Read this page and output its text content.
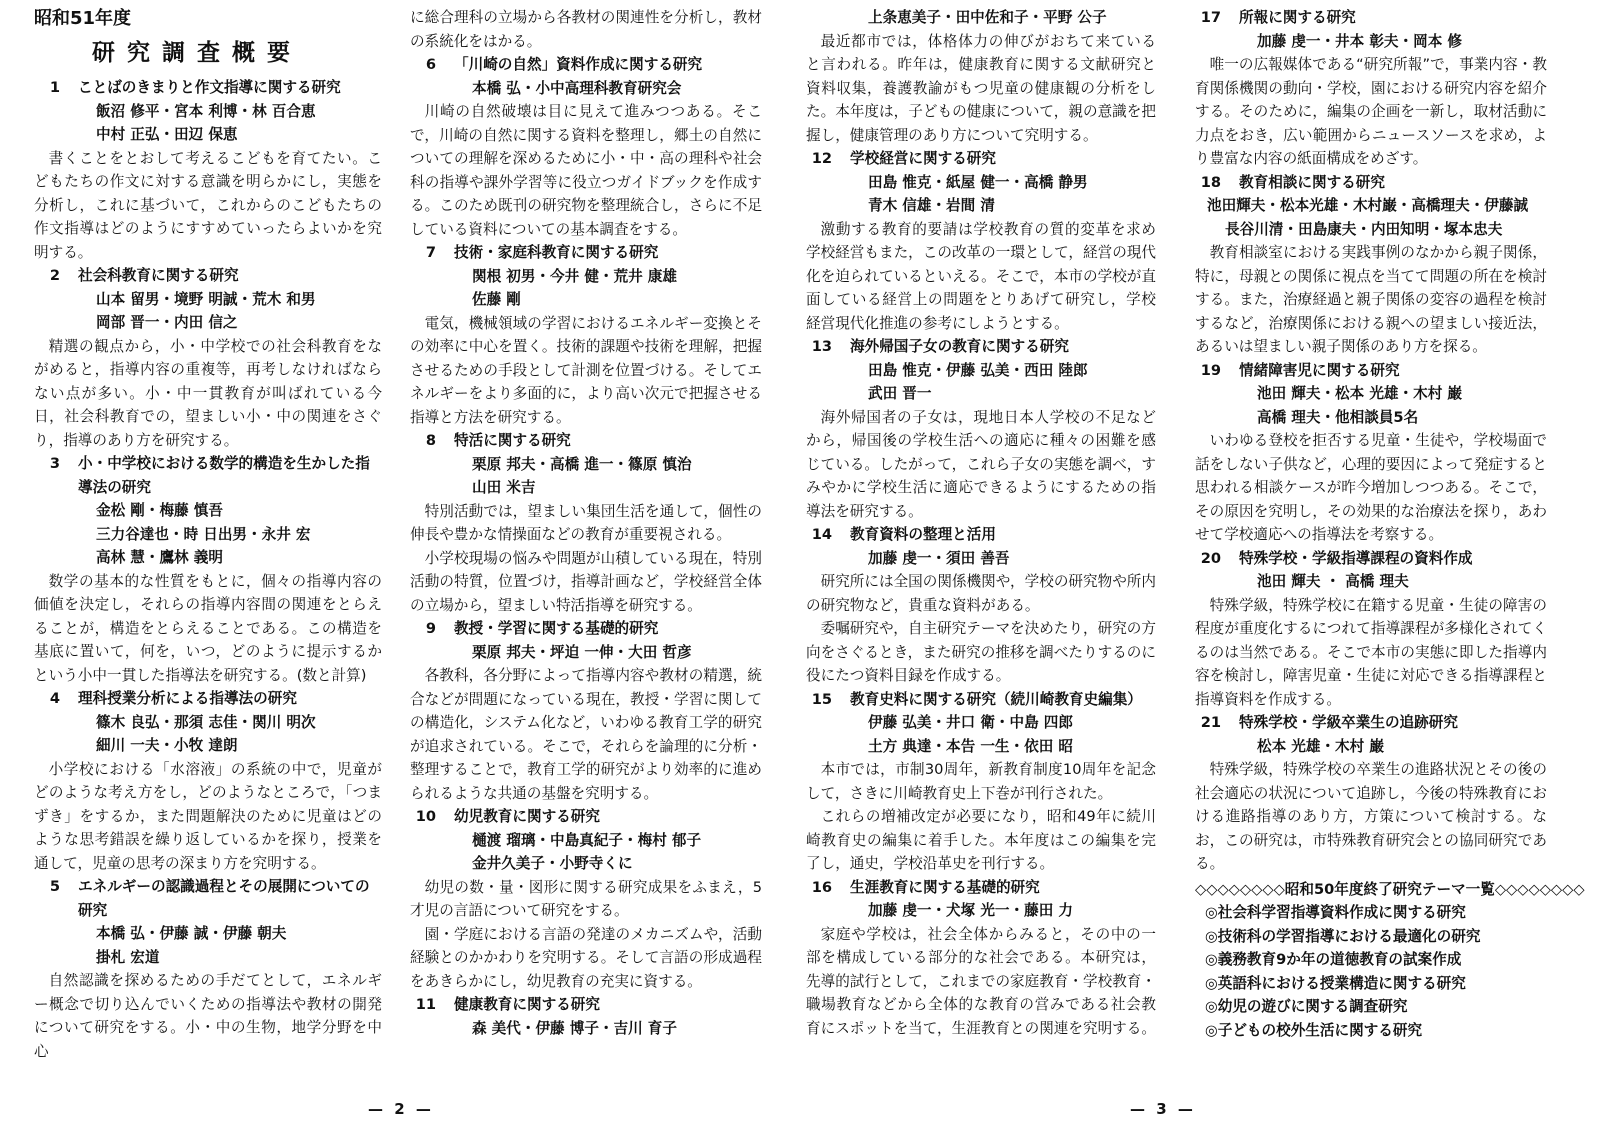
昭和51年度
研究調査概要
1 ことばのきまりと作文指導に関する研究
飯沼 修平・宮本 利博・林 百合恵
中村 正弘・田辺 保恵
書くことをとおして考えるこどもを育てたい。こどもたちの作文に対する意識を明らかにし，実態を分析し，これに基づいて，これからのこどもたちの作文指導はどのようにすすめていったらよいかを究明する。
2 社会科教育に関する研究
山本 留男・境野 明誠・荒木 和男
岡部 晋一・内田 信之
精選の観点から，小・中学校での社会科教育をながめると，指導内容の重複等，再考しなければならない点が多い。小・中一貫教育が叫ばれている今日，社会科教育での，望ましい小・中の関連をさぐり，指導のあり方を研究する。
3 小・中学校における数学的構造を生かした指導法の研究
金松 剛・梅藤 慎吾
三力谷達也・時 日出男・永井 宏
高林 慧・鷹林 義明
数学の基本的な性質をもとに，個々の指導内容の価値を決定し，それらの指導内容間の関連をとらえることが，構造をとらえることである。この構造を基底に置いて，何を，いつ，どのように提示するかという小中一貫した指導法を研究する。(数と計算)
4 理科授業分析による指導法の研究
篠木 良弘・那須 志佳・関川 明次
細川 一夫・小牧 達朗
小学校における「水溶液」の系統の中で，児童がどのような考え方をし，どのようなところで，「つまずき」をするか，また問題解決のために児童はどのような思考錯誤を繰り返しているかを探り，授業を通して，児童の思考の深まり方を究明する。
5 エネルギーの認識過程とその展開についての研究
本橋 弘・伊藤 誠・伊藤 朝夫
掛札 宏道
自然認識を探めるための手だてとして，エネルギー概念で切り込んでいくための指導法や教材の開発について研究をする。小・中の生物，地学分野を中心
に総合理科の立場から各教材の関連性を分析し，教材の系統化をはかる。
6 「川崎の自然」資料作成に関する研究
本橋 弘・小中高理科教育研究会
川崎の自然破壊は目に見えて進みつつある。そこで，川崎の自然に関する資料を整理し，郷土の自然についての理解を深めるために小・中・高の理科や社会科の指導や課外学習等に役立つガイドブックを作成する。このため既刊の研究物を整理統合し，さらに不足している資料についての基本調査をする。
7 技術・家庭科教育に関する研究
関根 初男・今井 健・荒井 康雄
佐藤 剛
電気，機械領域の学習におけるエネルギー変換とその効率に中心を置く。技術的課題や技術を理解，把握させるための手段として計測を位置づける。そしてエネルギーをより多面的に，より高い次元で把握させる指導と方法を研究する。
8 特活に関する研究
栗原 邦夫・高橋 進一・篠原 慎治
山田 米吉
特別活動では，望ましい集団生活を通して，個性の伸長や豊かな情操面などの教育が重要視される。
小学校現場の悩みや問題が山積している現在，特別活動の特質，位置づけ，指導計画など，学校経営全体の立場から，望ましい特活指導を研究する。
9 教授・学習に関する基礎的研究
栗原 邦夫・坪迫 一伸・大田 哲彦
各教科，各分野によって指導内容や教材の精選，統合などが問題になっている現在，教授・学習に関しての構造化，システム化など，いわゆる教育工学的研究が追求されている。そこで，それらを論理的に分析・整理することで，教育工学的研究がより効率的に進められるような共通の基盤を究明する。
10 幼児教育に関する研究
樋渡 瑠璃・中島真紀子・梅村 郁子
金井久美子・小野寺くに
幼児の数・量・図形に関する研究成果をふまえ，5才児の言語について研究をする。
園・学庭における言語の発達のメカニズムや，活動経験とのかかわりを究明する。そして言語の形成過程をあきらかにし，幼児教育の充実に資する。
11 健康教育に関する研究
森 美代・伊藤 博子・吉川 育子
— 2 —
上条恵美子・田中佐和子・平野 公子
最近都市では，体格体力の伸びがおちて来ていると言われる。昨年は，健康教育に関する文献研究と資料収集，養護教諭がもつ児童の健康観の分析をした。本年度は，子どもの健康について，親の意識を把握し，健康管理のあり方について究明する。
12 学校経営に関する研究
田島 惟克・紙屋 健一・高橋 静男
青木 信雄・岩間 清
激動する教育的要請は学校教育の質的変革を求め学校経営もまた，この改革の一環として，経営の現代化を迫られているといえる。そこで，本市の学校が直面している経営上の問題をとりあげて研究し，学校経営現代化推進の参考にしようとする。
13 海外帰国子女の教育に関する研究
田島 惟克・伊藤 弘美・西田 陸郎
武田 晋一
海外帰国者の子女は，現地日本人学校の不足などから，帰国後の学校生活への適応に種々の困難を感じている。したがって，これら子女の実態を調べ，すみやかに学校生活に適応できるようにするための指導法を研究する。
14 教育資料の整理と活用
加藤 虔一・須田 善吾
研究所には全国の関係機関や，学校の研究物や所内の研究物など，貴重な資料がある。
委嘱研究や，自主研究テーマを決めたり，研究の方向をさぐるとき，また研究の推移を調べたりするのに役にたつ資料目録を作成する。
15 教育史料に関する研究（続川崎教育史編集）
伊藤 弘美・井口 衛・中島 四郎
土方 典達・本告 一生・依田 昭
本市では，市制30周年，新教育制度10周年を記念して，さきに川崎教育史上下巻が刊行された。
これらの増補改定が必要になり，昭和49年に続川崎教育史の編集に着手した。本年度はこの編集を完了し，通史，学校沿革史を刊行する。
16 生涯教育に関する基礎的研究
加藤 虔一・犬塚 光一・藤田 力
家庭や学校は，社会全体からみると，その中の一部を構成している部分的な社会である。本研究は，先導的試行として，これまでの家庭教育・学校教育・職場教育などから全体的な教育の営みである社会教育にスポットを当て，生涯教育との関連を究明する。
17 所報に関する研究
加藤 虔一・井本 彰夫・岡本 修
唯一の広報媒体である“研究所報”で，事業内容・教育関係機関の動向・学校，園における研究内容を紹介する。そのために，編集の企画を一新し，取材活動に力点をおき，広い範囲からニュースソースを求め，より豊富な内容の紙面構成をめざす。
18 教育相談に関する研究
池田輝夫・松本光雄・木村巌・高橋理夫・伊藤誠
長谷川清・田島康夫・内田知明・塚本忠夫
教育相談室における実践事例のなかから親子関係，特に，母親との関係に視点を当てて問題の所在を検討する。また，治療経過と親子関係の変容の過程を検討するなど，治療関係における親への望ましい接近法，あるいは望ましい親子関係のあり方を探る。
19 情緒障害児に関する研究
池田 輝夫・松本 光雄・木村 巌
高橋 理夫・他相談員5名
いわゆる登校を拒否する児童・生徒や，学校場面で話をしない子供など，心理的要因によって発症すると思われる相談ケースが昨今増加しつつある。そこで，その原因を究明し，その効果的な治療法を探り，あわせて学校適応への指導法を考察する。
20 特殊学校・学級指導課程の資料作成
池田 輝夫 ・ 高橋 理夫
特殊学級，特殊学校に在籍する児童・生徒の障害の程度が重度化するにつれて指導課程が多様化されてくるのは当然である。そこで本市の実態に即した指導内容を検討し，障害児童・生徒に対応できる指導課程と指導資料を作成する。
21 特殊学校・学級卒業生の追跡研究
松本 光雄・木村 巌
特殊学級，特殊学校の卒業生の進路状況とその後の社会適応の状況について追跡し，今後の特殊教育における進路指導のあり方，方策について検討する。なお，この研究は，市特殊教育研究会との協同研究である。
◇◇◇◇◇◇◇◇昭和50年度終了研究テーマ一覧◇◇◇◇◇◇◇◇
◎社会科学習指導資料作成に関する研究
◎技術科の学習指導における最適化の研究
◎義務教育9か年の道徳教育の試案作成
◎英語科における授業構造に関する研究
◎幼児の遊びに関する調査研究
◎子どもの校外生活に関する研究
— 3 —
